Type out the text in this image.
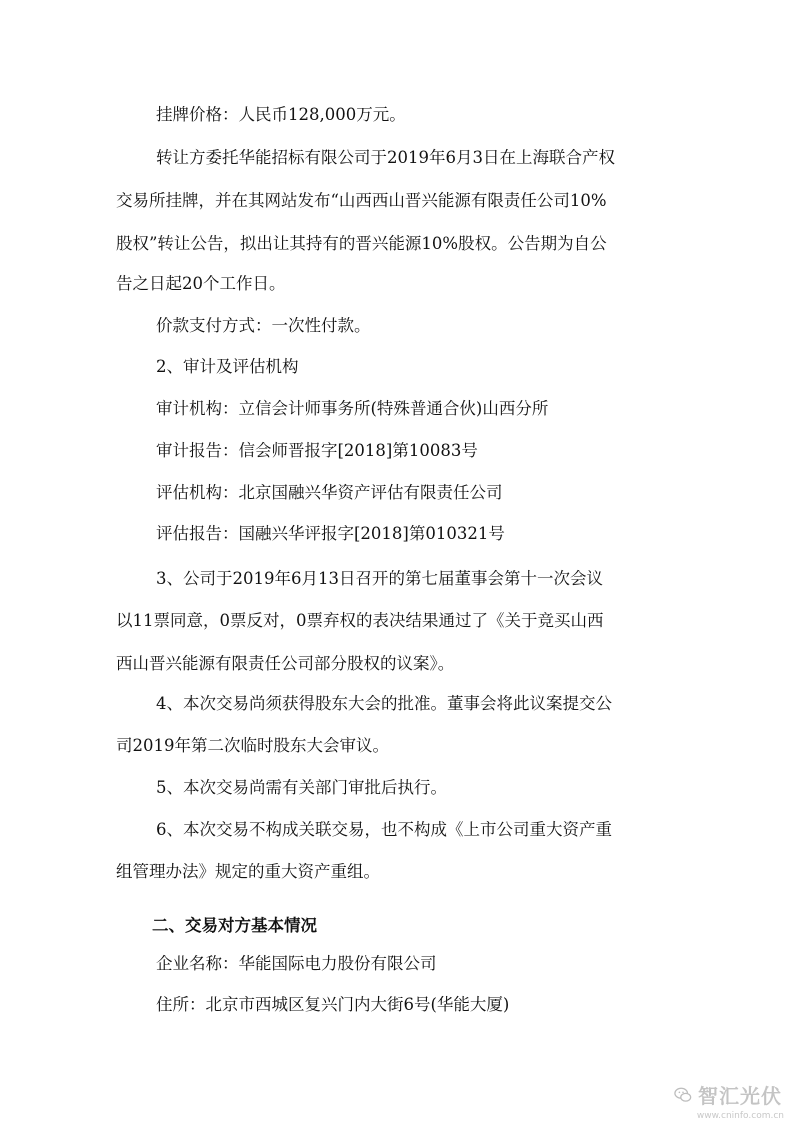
挂牌价格：人民币128,000万元。
转让方委托华能招标有限公司于2019年6月3日在上海联合产权
交易所挂牌，并在其网站发布“山西西山晋兴能源有限责任公司10%
股权”转让公告，拟出让其持有的晋兴能源10%股权。公告期为自公
告之日起20个工作日。
价款支付方式：一次性付款。
2、审计及评估机构
审计机构：立信会计师事务所(特殊普通合伙)山西分所
审计报告：信会师晋报字[2018]第10083号
评估机构：北京国融兴华资产评估有限责任公司
评估报告：国融兴华评报字[2018]第010321号
3、公司于2019年6月13日召开的第七届董事会第十一次会议
以11票同意，0票反对，0票弃权的表决结果通过了《关于竞买山西
西山晋兴能源有限责任公司部分股权的议案》。
4、本次交易尚须获得股东大会的批准。董事会将此议案提交公
司2019年第二次临时股东大会审议。
5、本次交易尚需有关部门审批后执行。
6、本次交易不构成关联交易，也不构成《上市公司重大资产重
组管理办法》规定的重大资产重组。
二、交易对方基本情况
企业名称：华能国际电力股份有限公司
住所：北京市西城区复兴门内大街6号(华能大厦)
智汇光伏
www.cninfo.com.cn
